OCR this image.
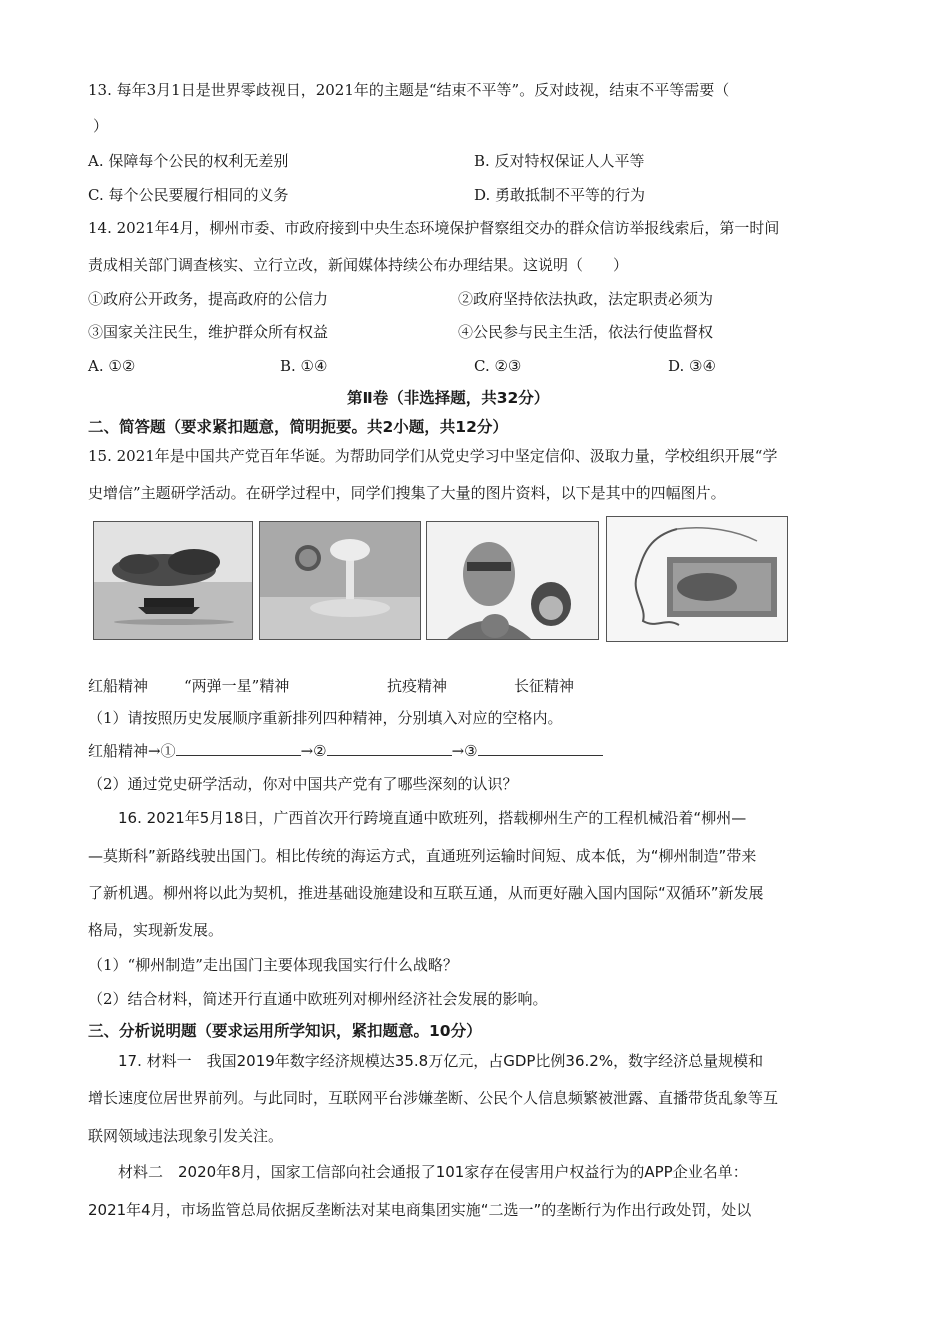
13. 每年3月1日是世界零歧视日，2021年的主题是“结束不平等”。反对歧视，结束不平等需要（
）
A. 保障每个公民的权利无差别	B. 反对特权保证人人平等
C. 每个公民要履行相同的义务	D. 勇敢抵制不平等的行为
14. 2021年4月，柳州市委、市政府接到中央生态环境保护督察组交办的群众信访举报线索后，第一时间
责成相关部门调查核实、立行立改，新闻媒体持续公布办理结果。这说明（　　）
①政府公开政务，提高政府的公信力	②政府坚持依法执政，法定职责必须为
③国家关注民生，维护群众所有权益	④公民参与民主生活，依法行使监督权
A. ①②	B. ①④	C. ②③	D. ③④
第Ⅱ卷（非选择题，共32分）
二、简答题（要求紧扣题意，简明扼要。共2小题，共12分）
15. 2021年是中国共产党百年华诞。为帮助同学们从党史学习中坚定信仰、汲取力量，学校组织开展“学
史增信”主题研学活动。在研学过程中，同学们搜集了大量的图片资料，以下是其中的四幅图片。

红船精神 “两弹一星”精神	抗疫精神	长征精神
（1）请按照历史发展顺序重新排列四种精神，分别填入对应的空格内。
红船精神→①	→②	→③
（2）通过党史研学活动，你对中国共产党有了哪些深刻的认识？
16. 2021年5月18日，广西首次开行跨境直通中欧班列，搭载柳州生产的工程机械沿着“柳州—
—莫斯科”新路线驶出国门。相比传统的海运方式，直通班列运输时间短、成本低，为“柳州制造”带来
了新机遇。柳州将以此为契机，推进基础设施建设和互联互通，从而更好融入国内国际“双循环”新发展
格局，实现新发展。
（1）“柳州制造”走出国门主要体现我国实行什么战略？
（2）结合材料，简述开行直通中欧班列对柳州经济社会发展的影响。
三、分析说明题（要求运用所学知识，紧扣题意。10分）
17. 材料一　我国2019年数字经济规模达35.8万亿元，占GDP比例36.2%，数字经济总量规模和
增长速度位居世界前列。与此同时，互联网平台涉嫌垄断、公民个人信息频繁被泄露、直播带货乱象等互
联网领域违法现象引发关注。
材料二　2020年8月，国家工信部向社会通报了101家存在侵害用户权益行为的APP企业名单：
2021年4月，市场监管总局依据反垄断法对某电商集团实施“二选一”的垄断行为作出行政处罚，处以
